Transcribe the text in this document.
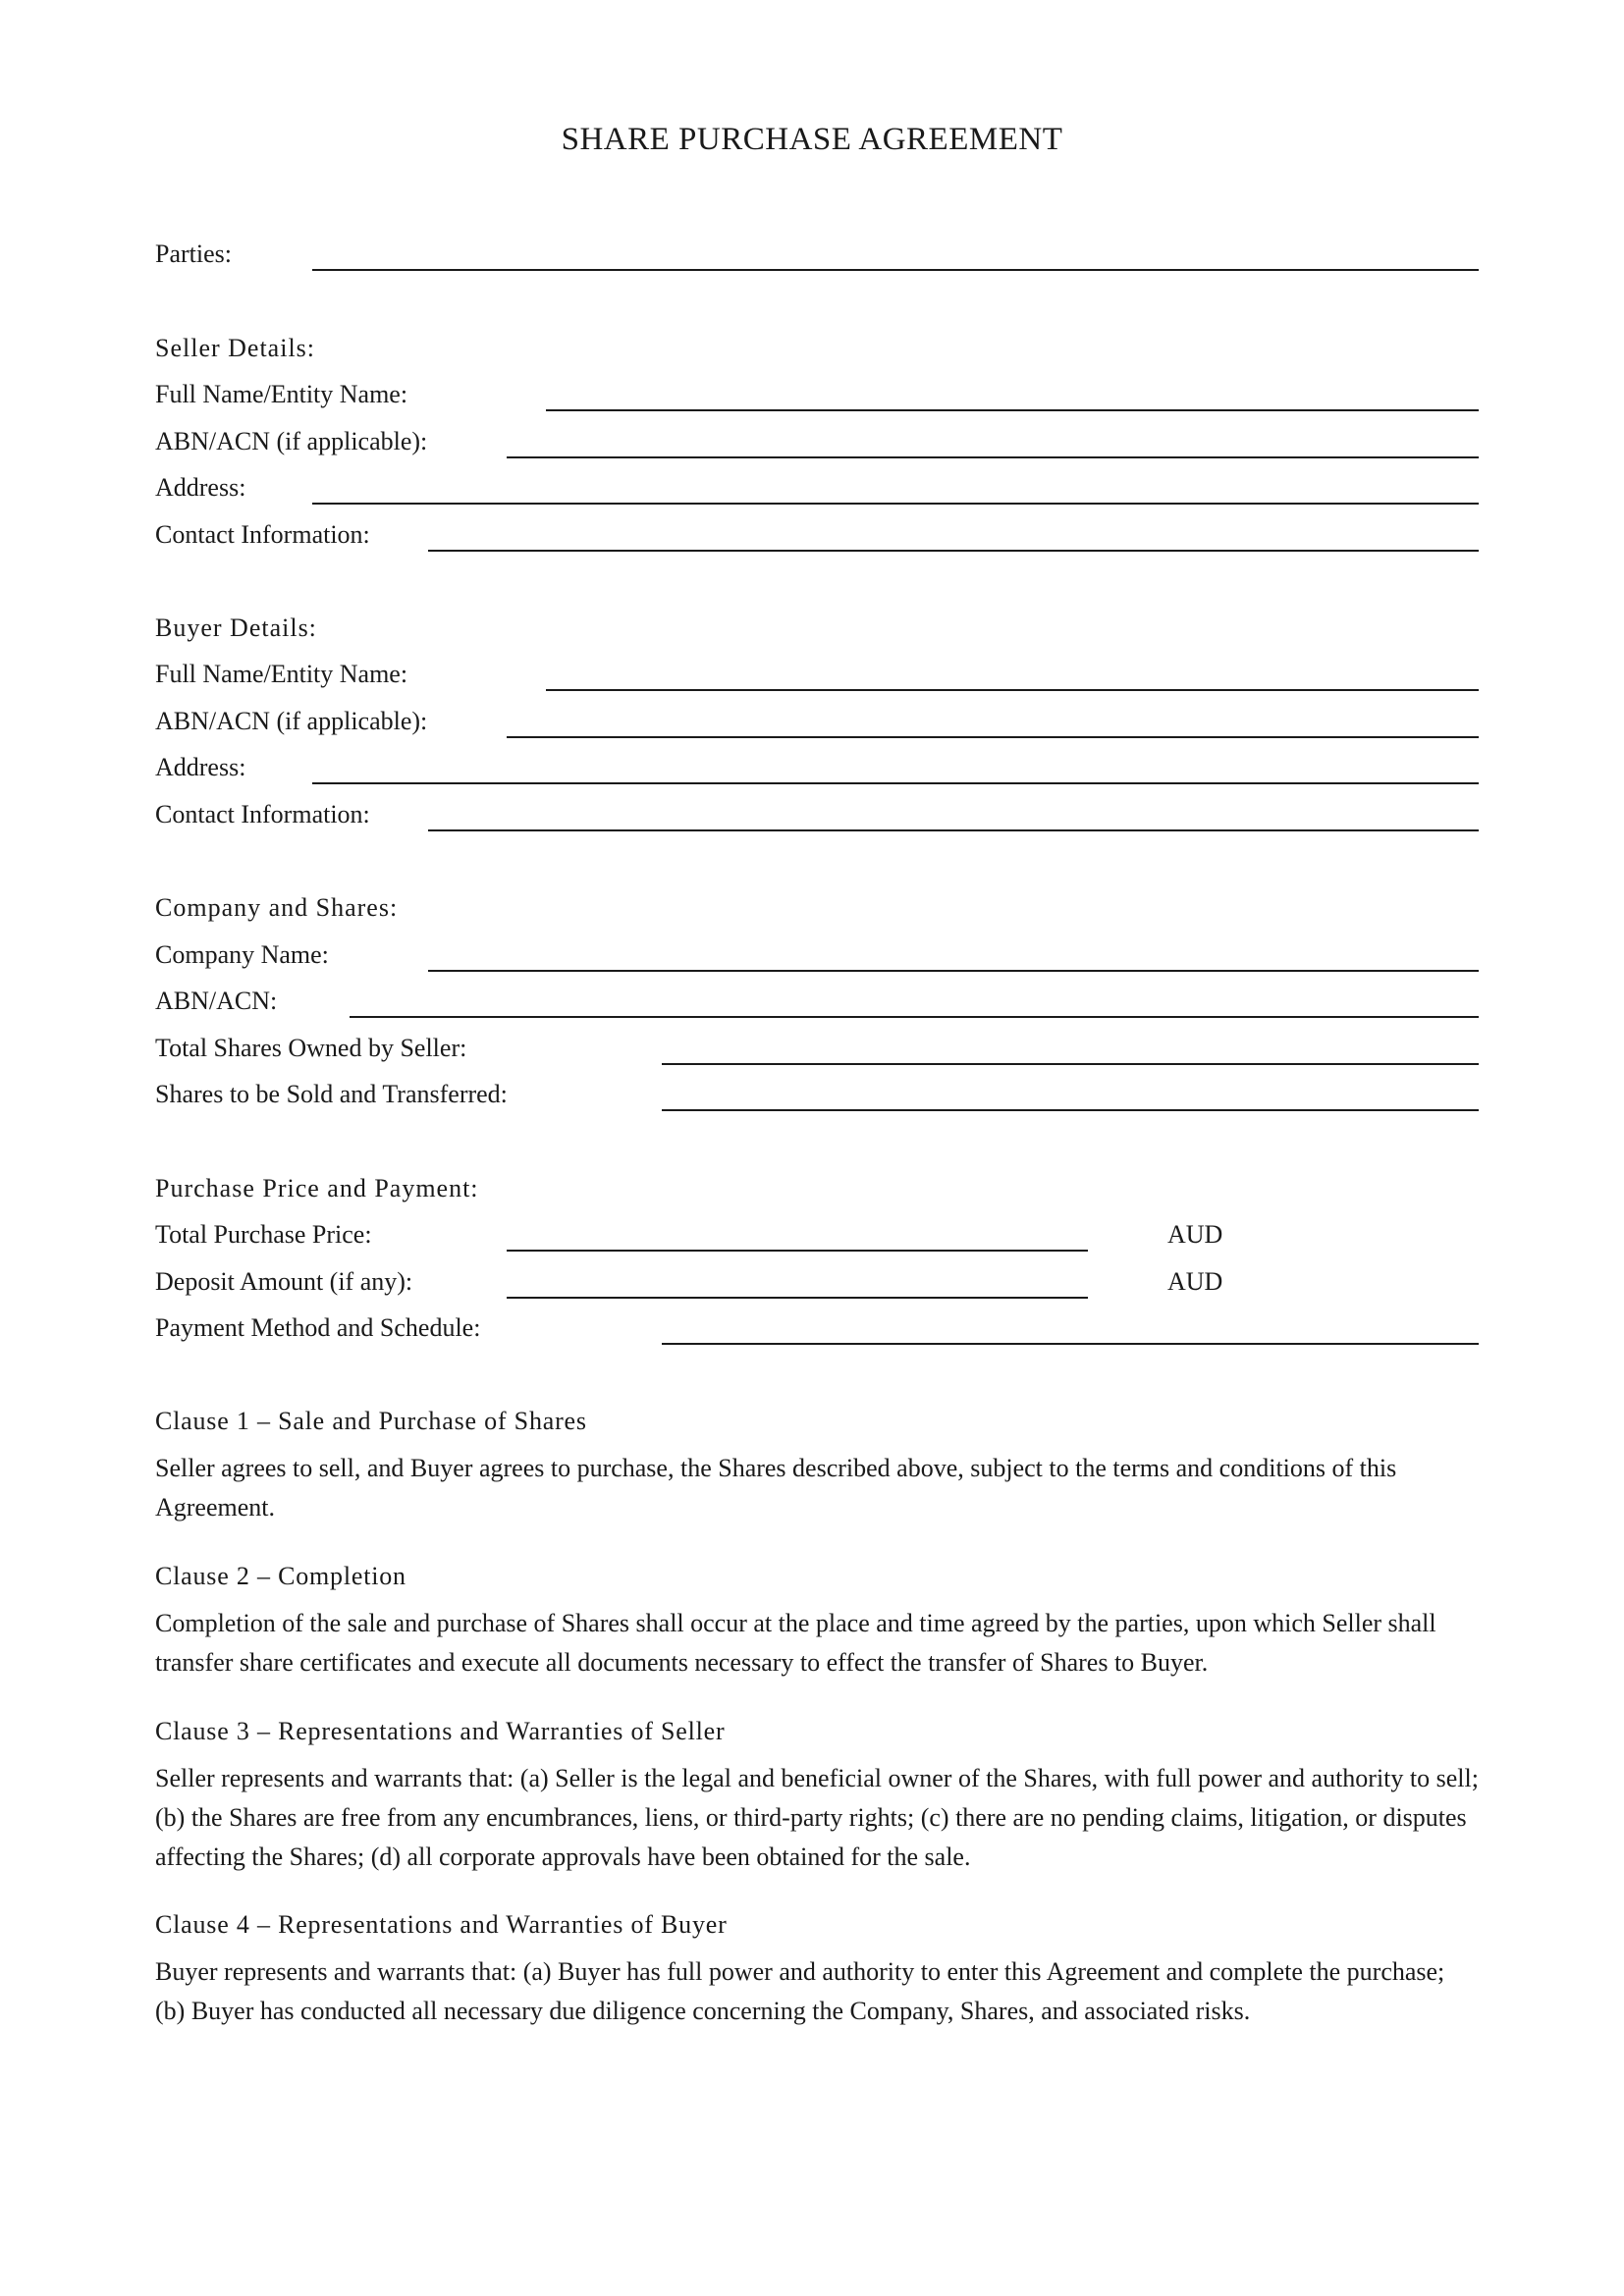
SHARE PURCHASE AGREEMENT
Parties:
Seller Details:
Full Name/Entity Name:
ABN/ACN (if applicable):
Address:
Contact Information:
Buyer Details:
Full Name/Entity Name:
ABN/ACN (if applicable):
Address:
Contact Information:
Company and Shares:
Company Name:
ABN/ACN:
Total Shares Owned by Seller:
Shares to be Sold and Transferred:
Purchase Price and Payment:
Total Purchase Price:	AUD
Deposit Amount (if any):	AUD
Payment Method and Schedule:
Clause 1 – Sale and Purchase of Shares

Seller agrees to sell, and Buyer agrees to purchase, the Shares described above, subject to the terms and conditions of this Agreement.

Clause 2 – Completion

Completion of the sale and purchase of Shares shall occur at the place and time agreed by the parties, upon which Seller shall transfer share certificates and execute all documents necessary to effect the transfer of Shares to Buyer.

Clause 3 – Representations and Warranties of Seller

Seller represents and warrants that: (a) Seller is the legal and beneficial owner of the Shares, with full power and authority to sell; (b) the Shares are free from any encumbrances, liens, or third-party rights; (c) there are no pending claims, litigation, or disputes affecting the Shares; (d) all corporate approvals have been obtained for the sale.

Clause 4 – Representations and Warranties of Buyer

Buyer represents and warrants that: (a) Buyer has full power and authority to enter this Agreement and complete the purchase; (b) Buyer has conducted all necessary due diligence concerning the Company, Shares, and associated risks.
